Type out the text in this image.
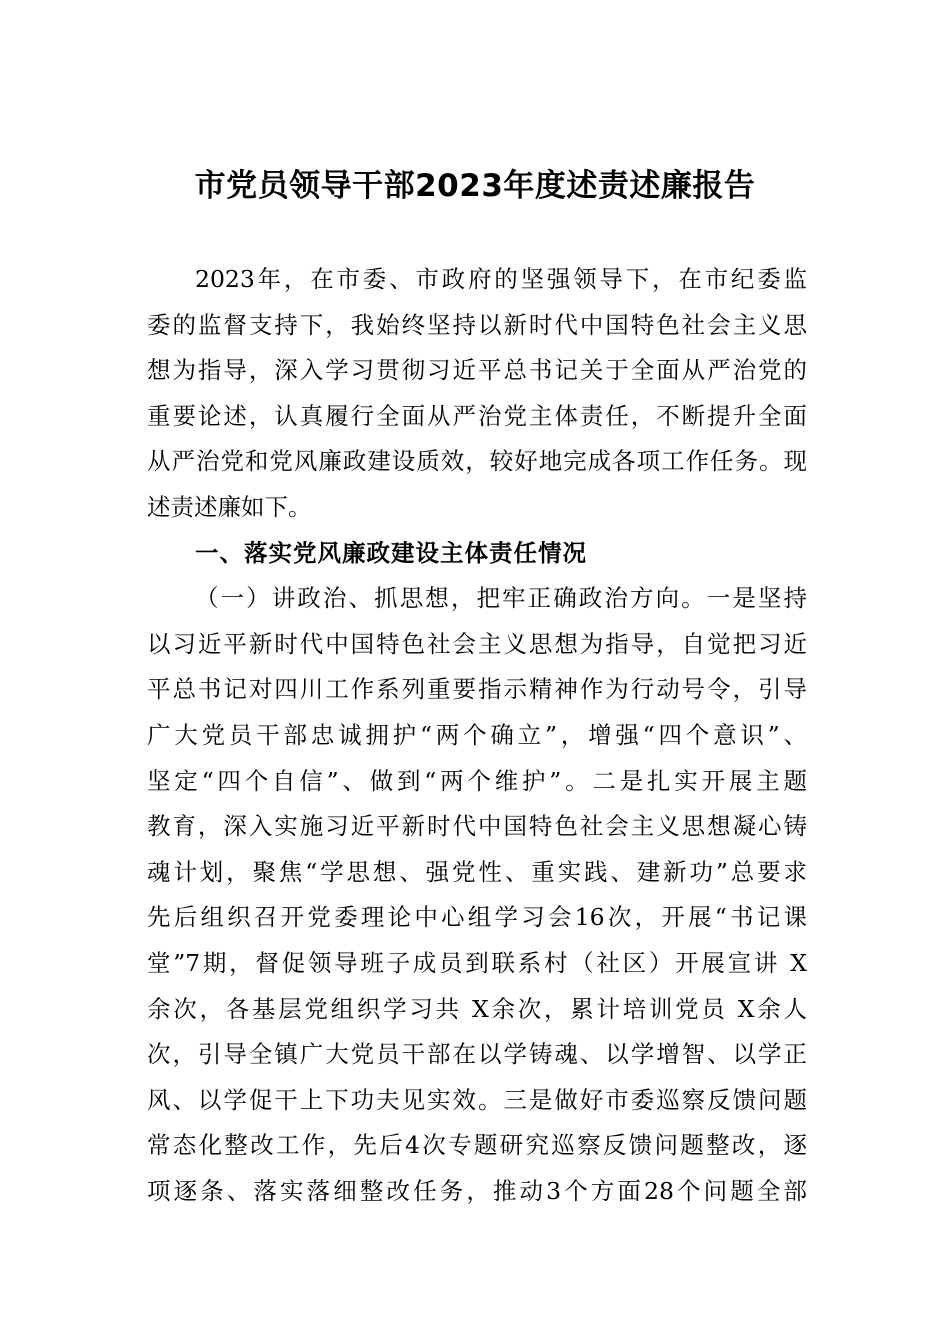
市党员领导干部2023年度述责述廉报告
2023年，在市委、市政府的坚强领导下，在市纪委监
委的监督支持下，我始终坚持以新时代中国特色社会主义思
想为指导，深入学习贯彻习近平总书记关于全面从严治党的
重要论述，认真履行全面从严治党主体责任，不断提升全面
从严治党和党风廉政建设质效，较好地完成各项工作任务。现
述责述廉如下。
一、落实党风廉政建设主体责任情况
（一）讲政治、抓思想，把牢正确政治方向。一是坚持
以习近平新时代中国特色社会主义思想为指导，自觉把习近
平总书记对四川工作系列重要指示精神作为行动号令，引导
广大党员干部忠诚拥护“两个确立”，增强“四个意识”、
坚定“四个自信”、做到“两个维护”。二是扎实开展主题
教育，深入实施习近平新时代中国特色社会主义思想凝心铸
魂计划，聚焦“学思想、强党性、重实践、建新功”总要求
先后组织召开党委理论中心组学习会16次，开展“书记课
堂”7期，督促领导班子成员到联系村（社区）开展宣讲 X
余次，各基层党组织学习共 X余次，累计培训党员 X余人
次，引导全镇广大党员干部在以学铸魂、以学增智、以学正
风、以学促干上下功夫见实效。三是做好市委巡察反馈问题
常态化整改工作，先后4次专题研究巡察反馈问题整改，逐
项逐条、落实落细整改任务，推动3个方面28个问题全部
